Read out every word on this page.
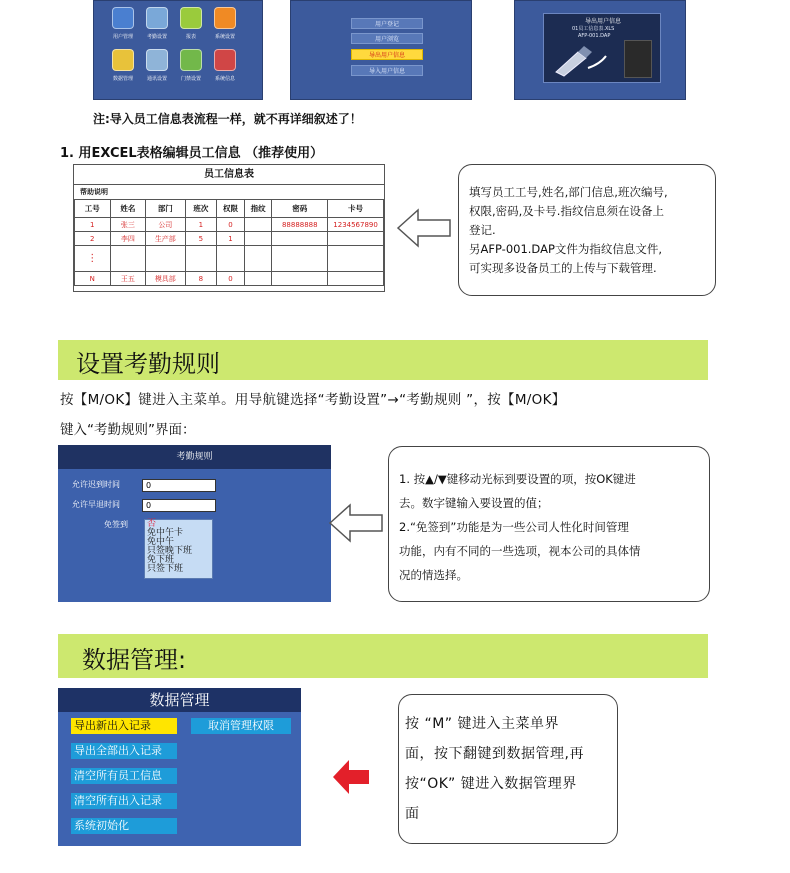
用户管理	考勤设置	报表	系统设置
数据管理	通讯设置	门禁设置	系统信息
用户登记
用户浏览
导出用户信息
导入用户信息
导出用户信息
01员工信息表.XLS
AFP-001.DAP
注:导入员工信息表流程一样，就不再详细叙述了！
1. 用EXCEL表格编辑员工信息 （推荐使用）
员工信息表
帮助说明
工号	姓名	部门	班次	权限	指纹	密码	卡号
1	张三	公司	1	0		88888888	1234567890
2	李四	生产部	5	1			
⋮							
N	王五	模具部	8	0			
填写员工工号,姓名,部门信息,班次编号,
权限,密码,及卡号.指纹信息须在设备上
登记.
另AFP-001.DAP文件为指纹信息文件,
可实现多设备员工的上传与下载管理.
设置考勤规则
按【M/OK】键进入主菜单。用导航键选择“考勤设置”→“考勤规则 ”，按【M/OK】
键入“考勤规则”界面：
考勤规则
允许迟到时间	0
允许早退时间	0
免签到 否
免中午卡
免中午
只签晚下班
免下班
只签下班
1. 按▲/▼键移动光标到要设置的项，按OK键进
去。数字键输入要设置的值；
2.“免签到”功能是为一些公司人性化时间管理
功能，内有不同的一些选项，视本公司的具体情
况的情选择。
数据管理:
数据管理
导出新出入记录
导出全部出入记录
清空所有员工信息
清空所有出入记录
系统初始化
取消管理权限	按 “M” 键进入主菜单界
面，按下翻键到数据管理,再
按“OK” 键进入数据管理界
面
